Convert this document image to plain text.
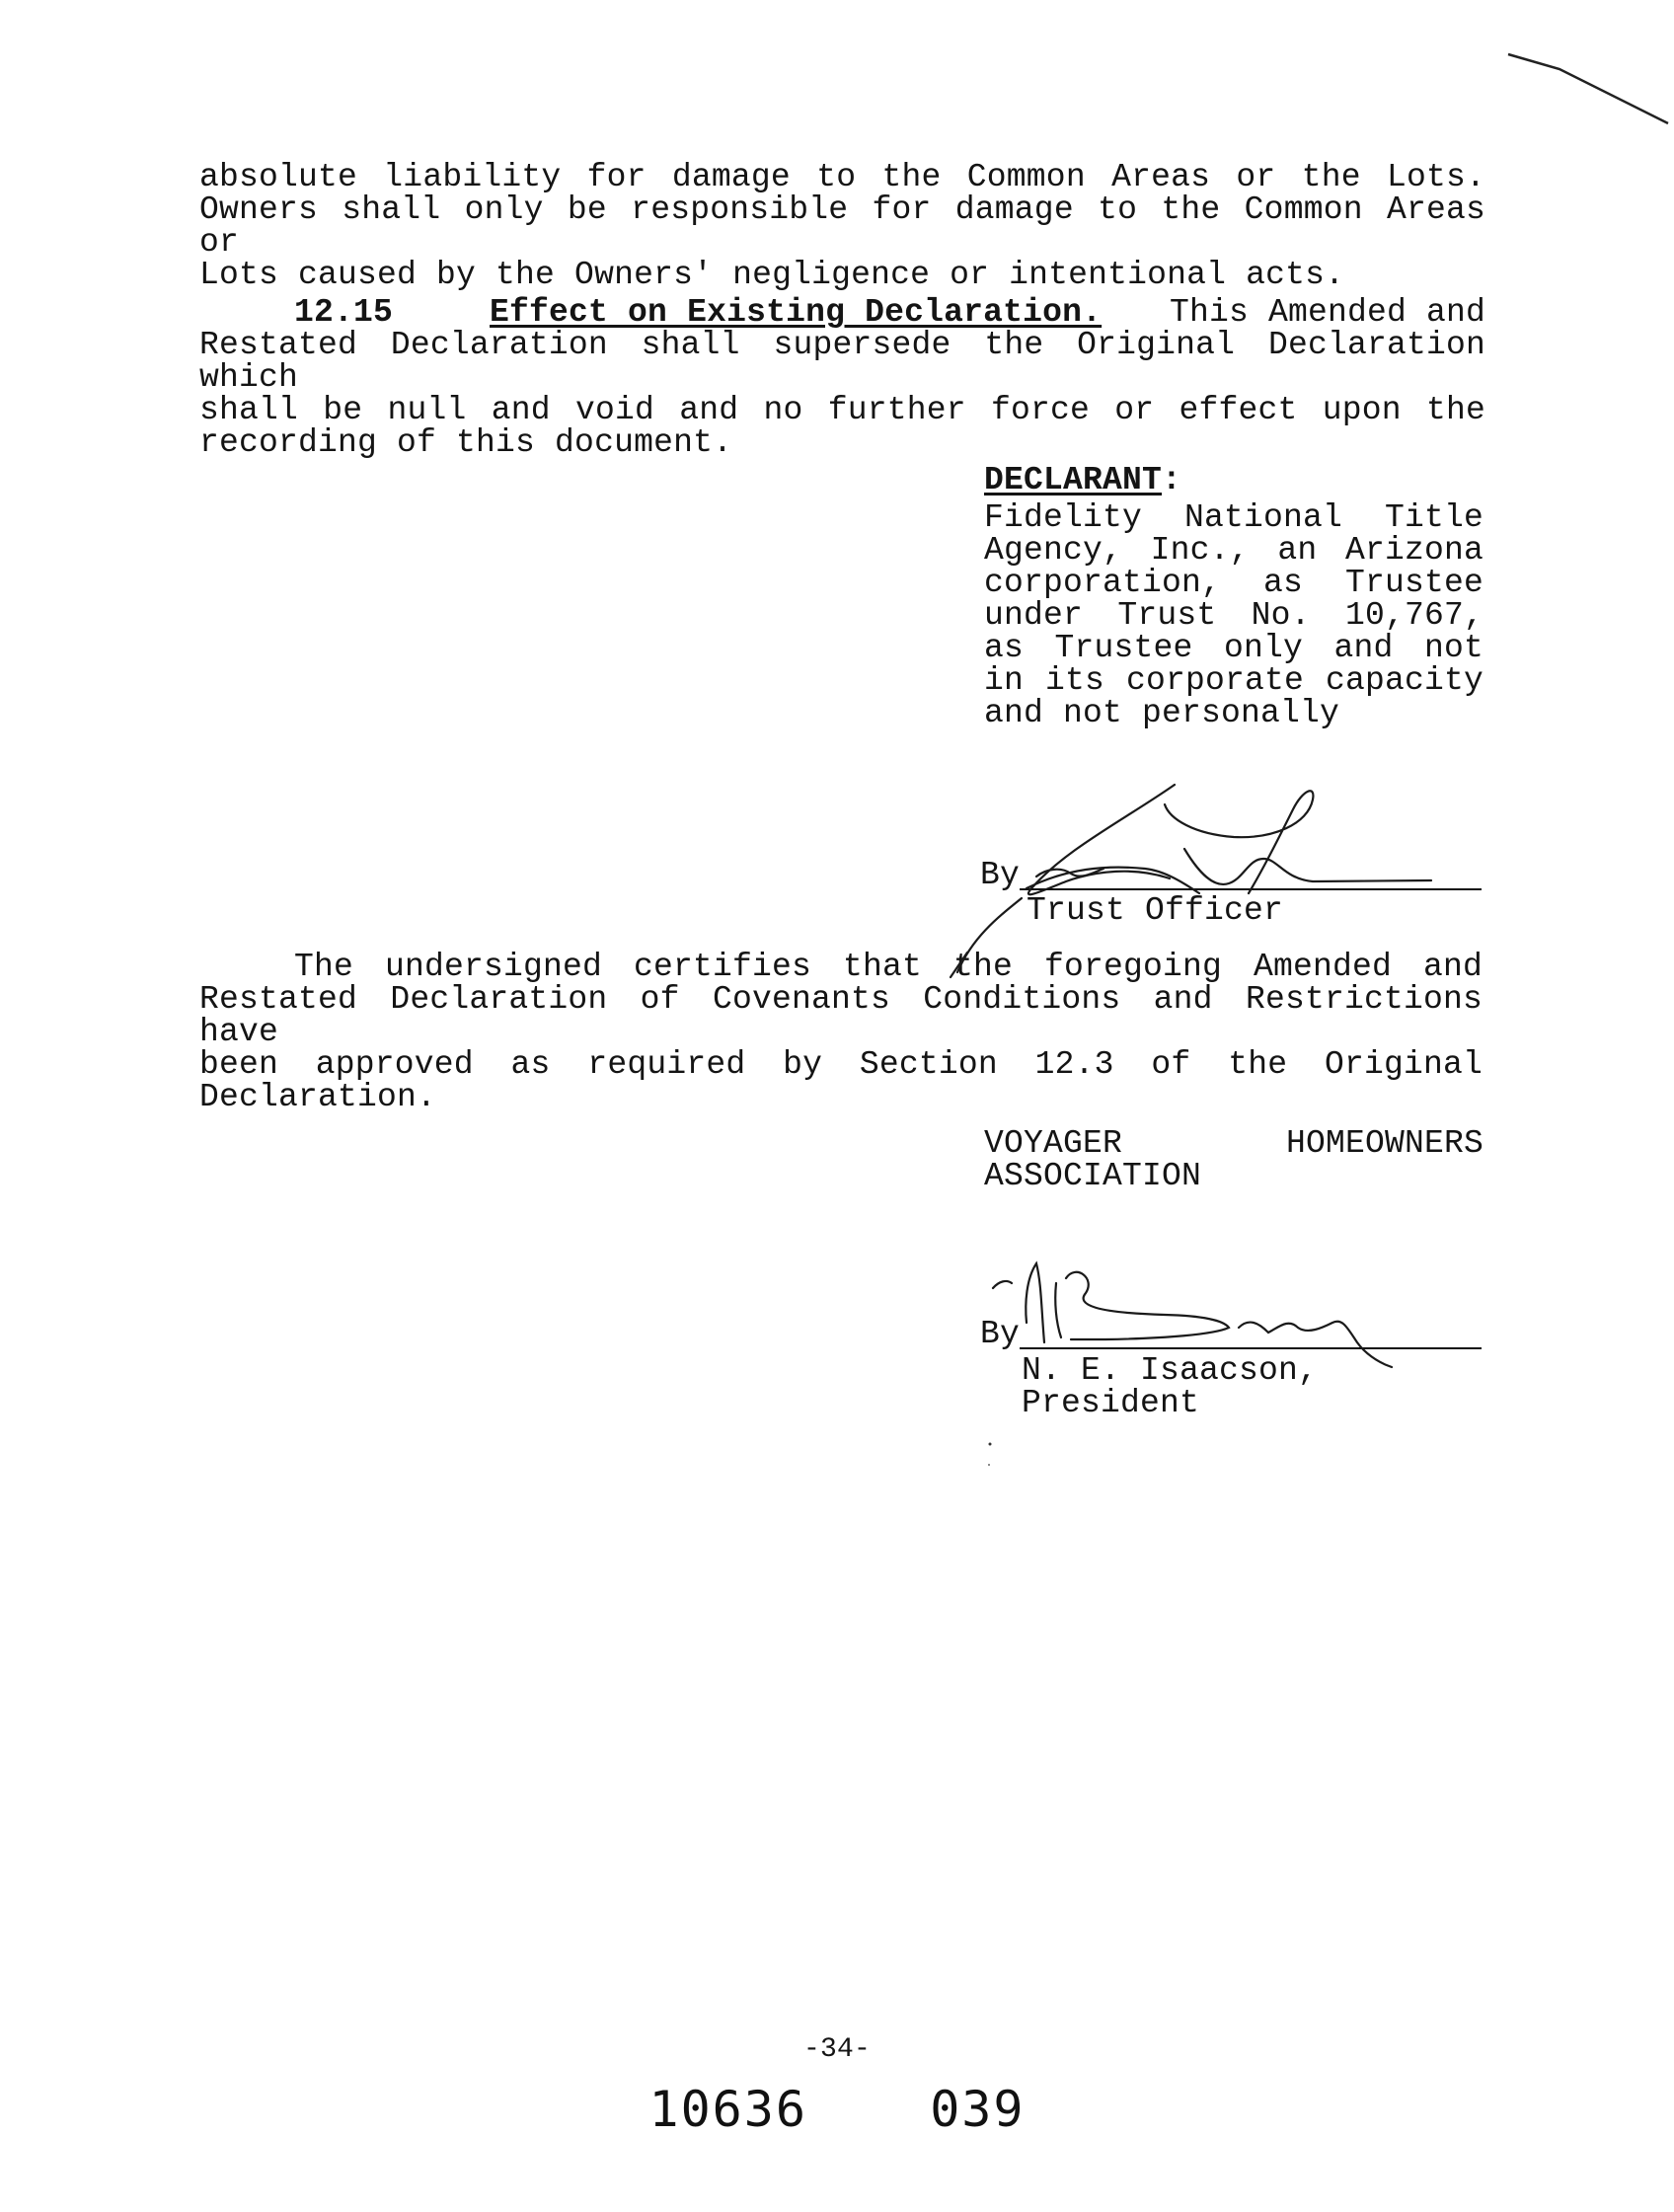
absolute liability for damage to the Common Areas or the Lots.
Owners shall only be responsible for damage to the Common Areas or
Lots caused by the Owners' negligence or intentional acts.
12.15	Effect on Existing Declaration. This Amended and
Restated Declaration shall supersede the Original Declaration which
shall be null and void and no further force or effect upon the
recording of this document.
DECLARANT:
Fidelity National Title
Agency, Inc., an Arizona
corporation, as Trustee
under Trust No. 10,767,
as Trustee only and not
in its corporate capacity
and not personally
By
Trust Officer
The undersigned certifies that the foregoing Amended and
Restated Declaration of Covenants Conditions and Restrictions have
been approved as required by Section 12.3 of the Original
Declaration.
VOYAGER	HOMEOWNERS
ASSOCIATION
By
N. E. Isaacson,
President
-34-
10636 039
